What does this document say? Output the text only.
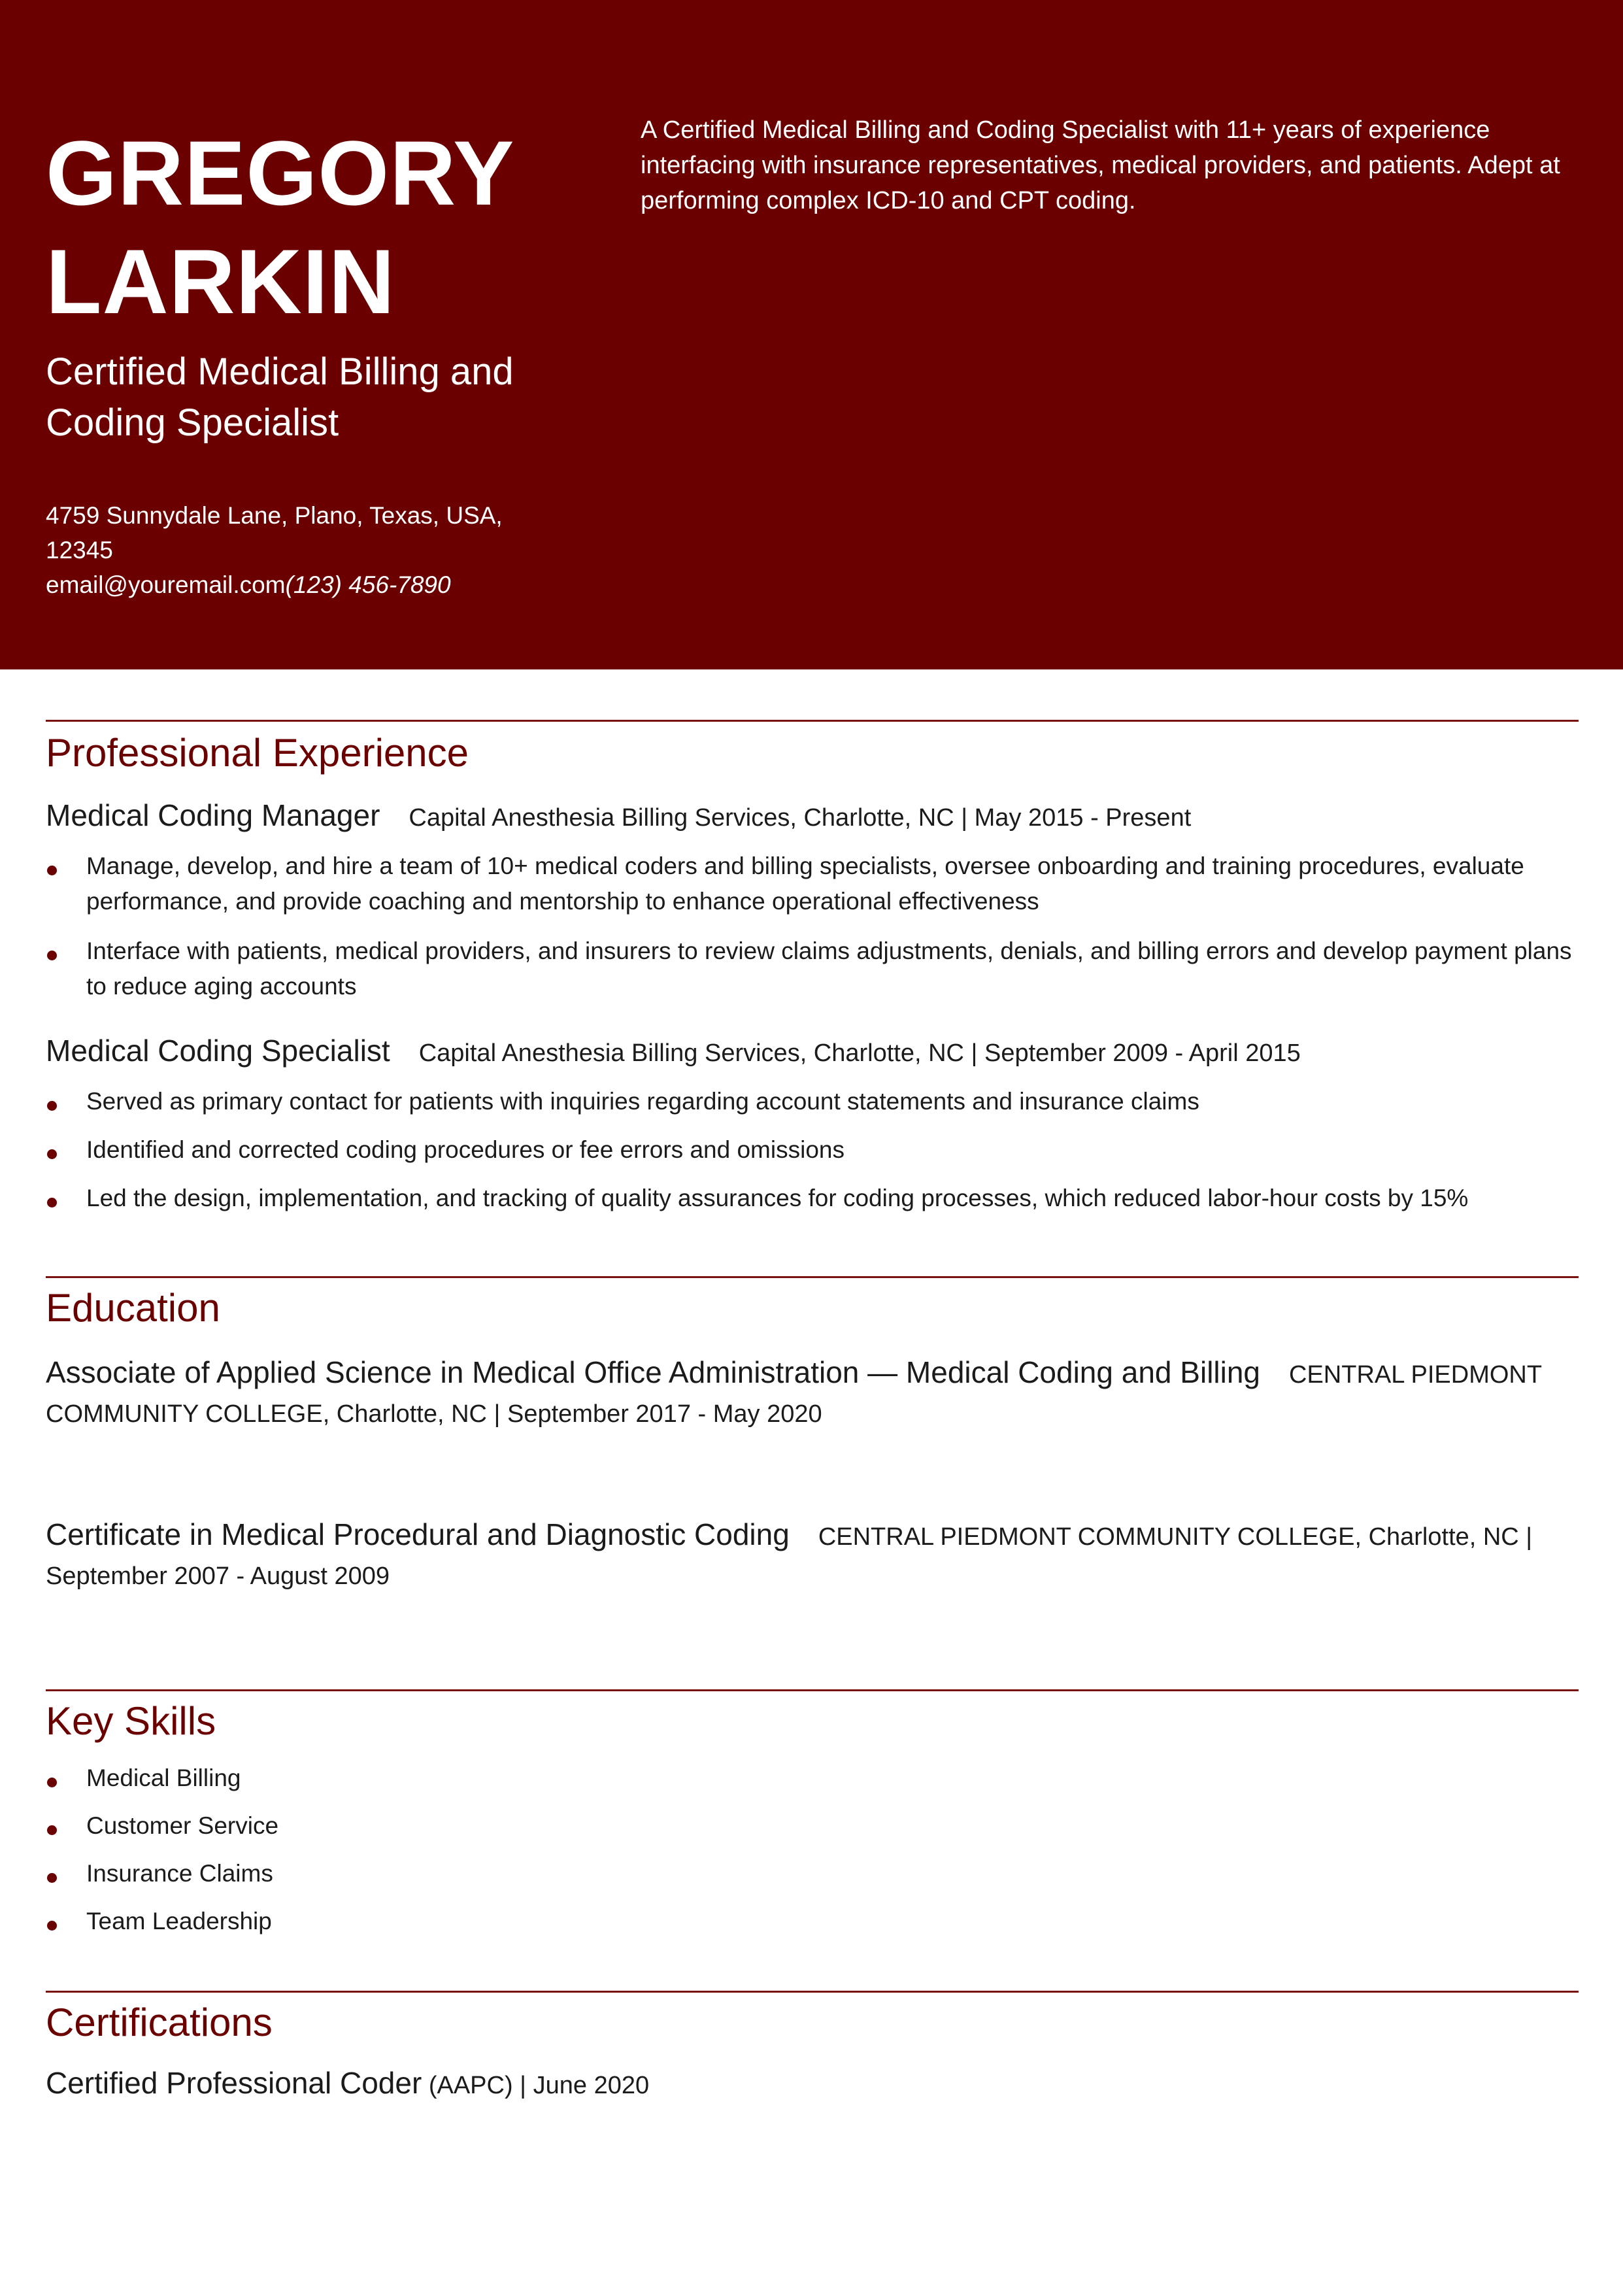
GREGORY
LARKIN
Certified Medical Billing and Coding Specialist
4759 Sunnydale Lane, Plano, Texas, USA, 12345
email@youremail.com(123) 456-7890

A Certified Medical Billing and Coding Specialist with 11+ years of experience interfacing with insurance representatives, medical providers, and patients. Adept at performing complex ICD-10 and CPT coding.

Professional Experience
Medical Coding Manager Capital Anesthesia Billing Services, Charlotte, NC | May 2015 - Present
Manage, develop, and hire a team of 10+ medical coders and billing specialists, oversee onboarding and training procedures, evaluate performance, and provide coaching and mentorship to enhance operational effectiveness
Interface with patients, medical providers, and insurers to review claims adjustments, denials, and billing errors and develop payment plans to reduce aging accounts
Medical Coding Specialist Capital Anesthesia Billing Services, Charlotte, NC | September 2009 - April 2015
Served as primary contact for patients with inquiries regarding account statements and insurance claims
Identified and corrected coding procedures or fee errors and omissions
Led the design, implementation, and tracking of quality assurances for coding processes, which reduced labor-hour costs by 15%
Education
Associate of Applied Science in Medical Office Administration — Medical Coding and Billing CENTRAL PIEDMONT COMMUNITY COLLEGE, Charlotte, NC | September 2017 - May 2020
Certificate in Medical Procedural and Diagnostic Coding CENTRAL PIEDMONT COMMUNITY COLLEGE, Charlotte, NC | September 2007 - August 2009
Key Skills
Medical Billing
Customer Service
Insurance Claims
Team Leadership
Certifications
Certified Professional Coder (AAPC) | June 2020
